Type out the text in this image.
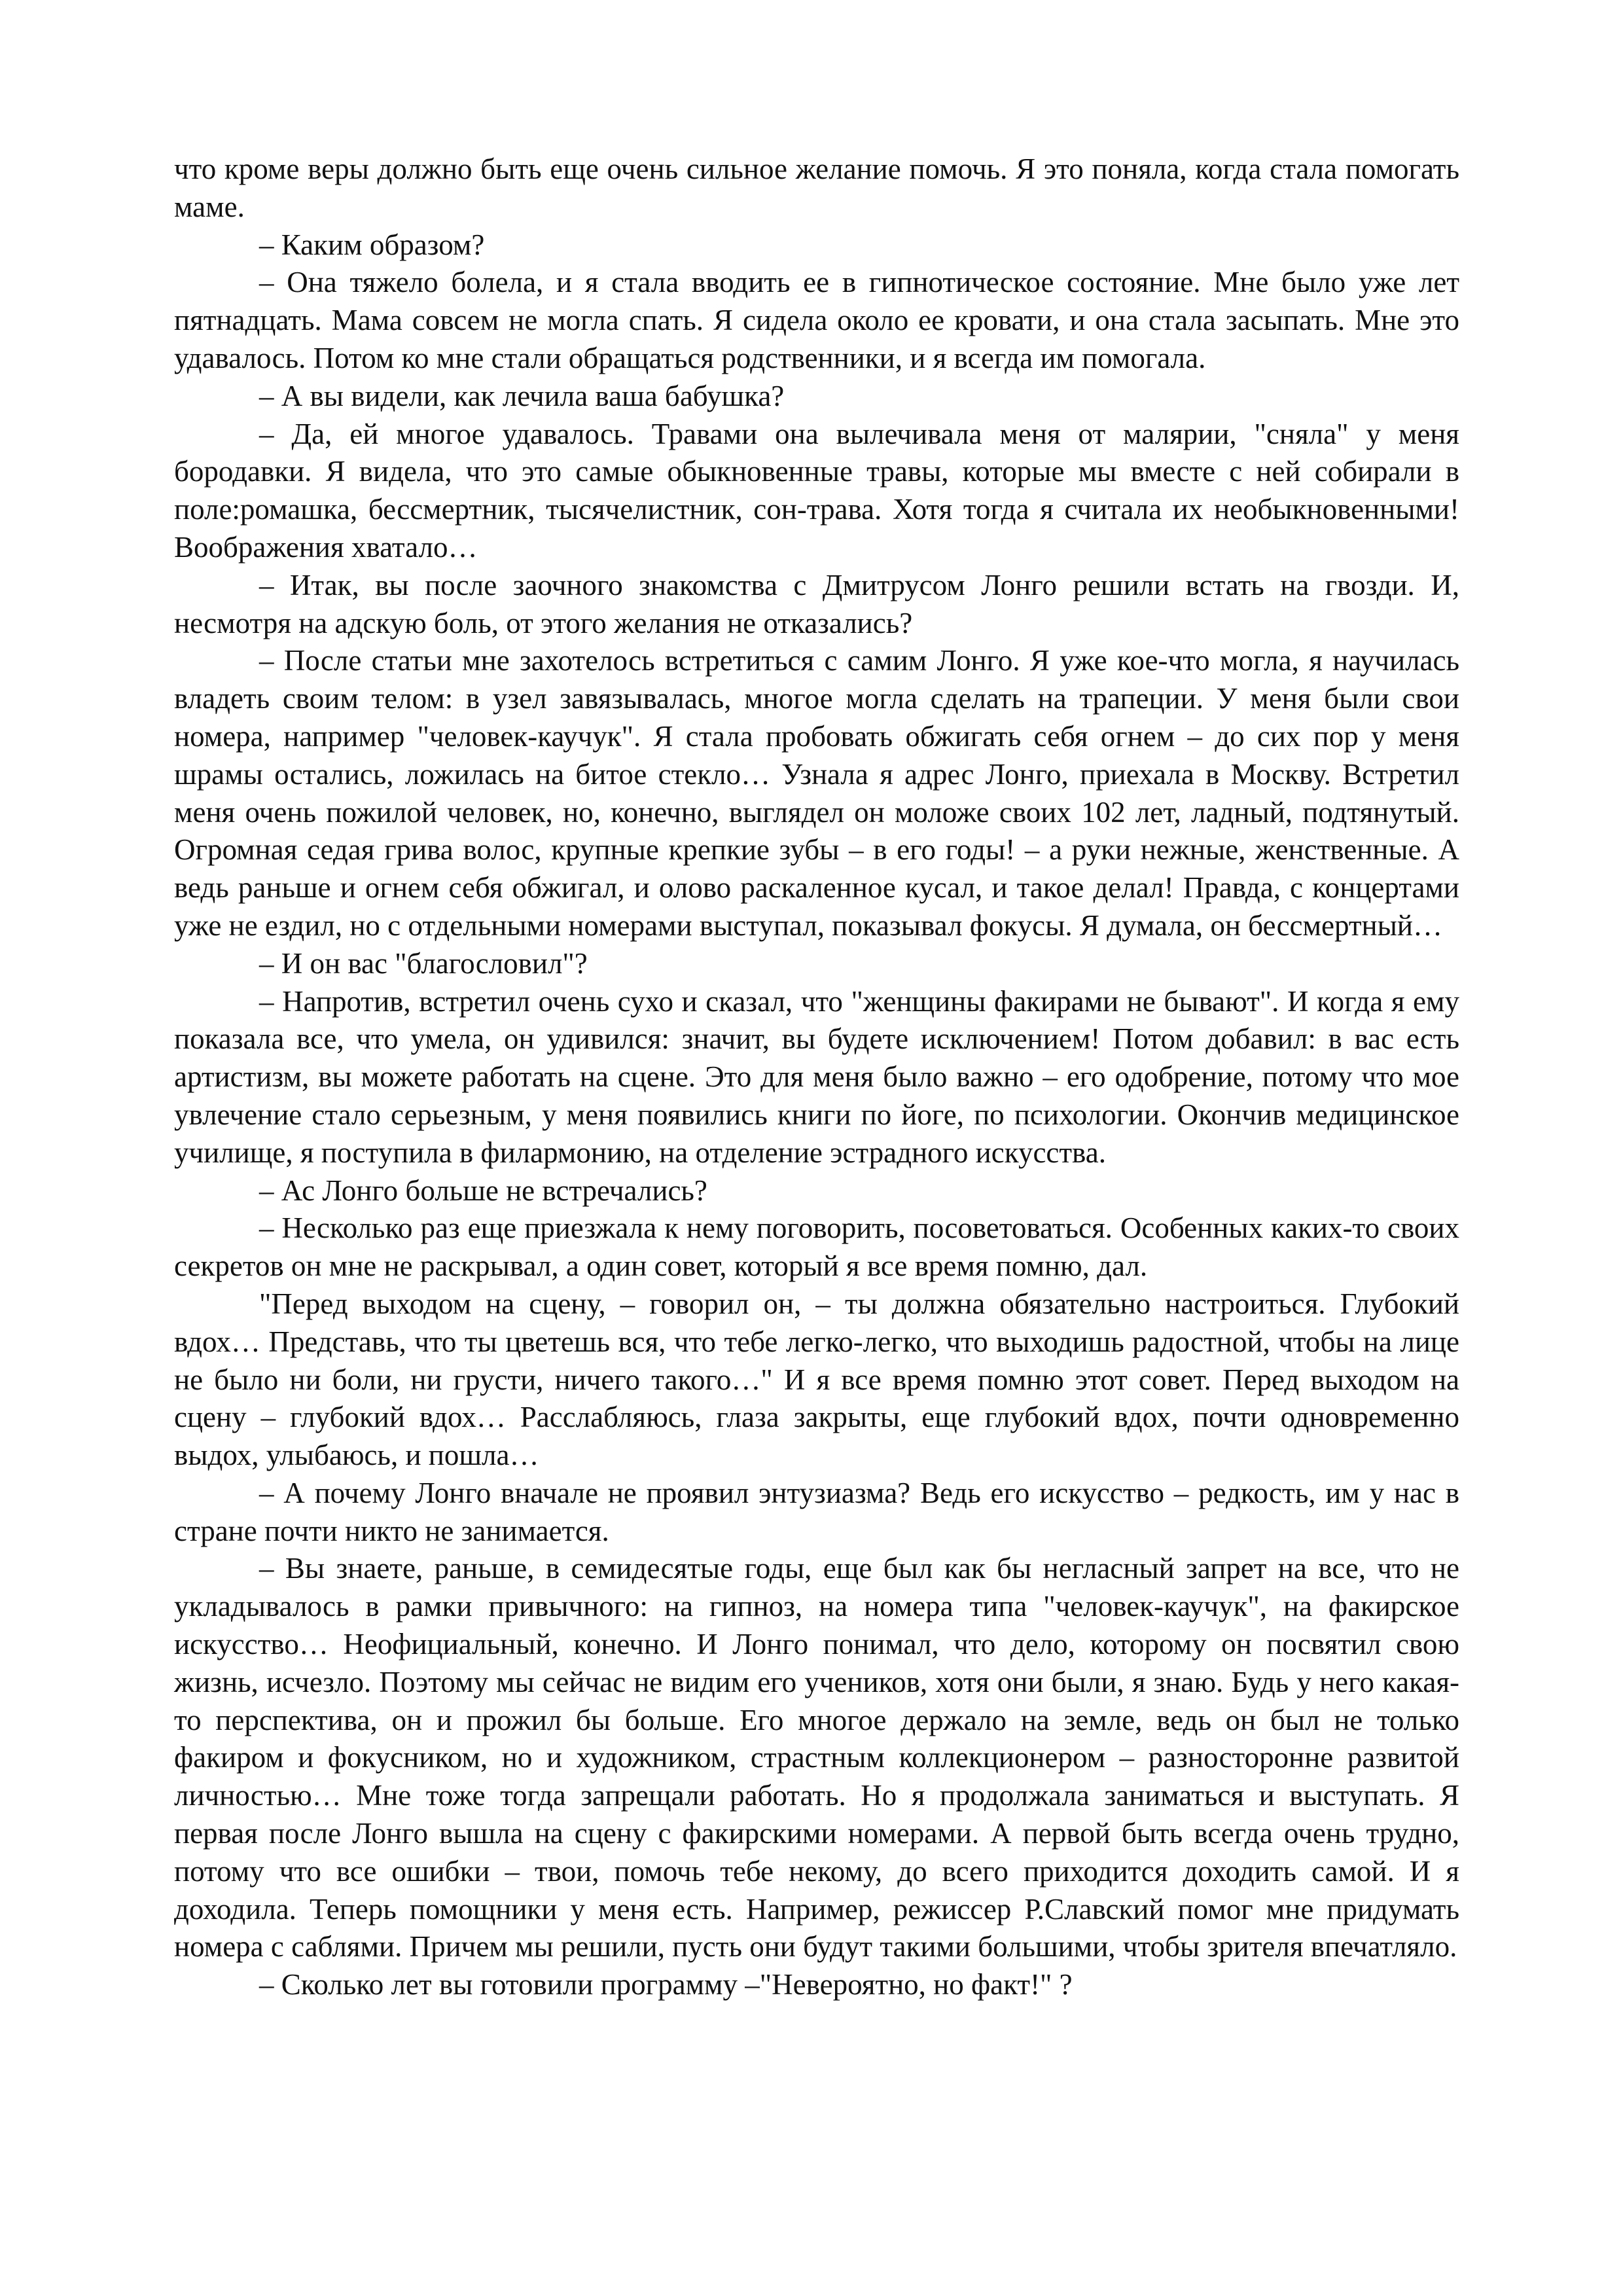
что кроме веры должно быть еще очень сильное желание помочь. Я это поняла, когда стала помогать маме.

– Каким образом?

– Она тяжело болела, и я стала вводить ее в гипнотическое состояние. Мне было уже лет пятнадцать. Мама совсем не могла спать. Я сидела около ее кровати, и она стала засыпать. Мне это удавалось. Потом ко мне стали обращаться родственники, и я всегда им помогала.

– А вы видели, как лечила ваша бабушка?

– Да, ей многое удавалось. Травами она вылечивала меня от малярии, "сняла" у меня бородавки. Я видела, что это самые обыкновенные травы, которые мы вместе с ней собирали в поле:ромашка, бессмертник, тысячелистник, сон-трава. Хотя тогда я считала их необыкновенными! Воображения хватало…

– Итак, вы после заочного знакомства с Дмитрусом Лонго решили встать на гвозди. И, несмотря на адскую боль, от этого желания не отказались?

– После статьи мне захотелось встретиться с самим Лонго. Я уже кое-что могла, я научилась владеть своим телом: в узел завязывалась, многое могла сделать на трапеции. У меня были свои номера, например "человек-каучук". Я стала пробовать обжигать себя огнем – до сих пор у меня шрамы остались, ложилась на битое стекло… Узнала я адрес Лонго, приехала в Москву. Встретил меня очень пожилой человек, но, конечно, выглядел он моложе своих 102 лет, ладный, подтянутый. Огромная седая грива волос, крупные крепкие зубы – в его годы! – а руки нежные, женственные. А ведь раньше и огнем себя обжигал, и олово раскаленное кусал, и такое делал! Правда, с концертами уже не ездил, но с отдельными номерами выступал, показывал фокусы. Я думала, он бессмертный…

– И он вас "благословил"?

– Напротив, встретил очень сухо и сказал, что "женщины факирами не бывают". И когда я ему показала все, что умела, он удивился: значит, вы будете исключением! Потом добавил: в вас есть артистизм, вы можете работать на сцене. Это для меня было важно – его одобрение, потому что мое увлечение стало серьезным, у меня появились книги по йоге, по психологии. Окончив медицинское училище, я поступила в филармонию, на отделение эстрадного искусства.

– Ас Лонго больше не встречались?

– Несколько раз еще приезжала к нему поговорить, посоветоваться. Особенных каких-то своих секретов он мне не раскрывал, а один совет, который я все время помню, дал.

"Перед выходом на сцену, – говорил он, – ты должна обязательно настроиться. Глубокий вдох… Представь, что ты цветешь вся, что тебе легко-легко, что выходишь радостной, чтобы на лице не было ни боли, ни грусти, ничего такого…" И я все время помню этот совет. Перед выходом на сцену – глубокий вдох… Расслабляюсь, глаза закрыты, еще глубокий вдох, почти одновременно выдох, улыбаюсь, и пошла…

– А почему Лонго вначале не проявил энтузиазма? Ведь его искусство – редкость, им у нас в стране почти никто не занимается.

– Вы знаете, раньше, в семидесятые годы, еще был как бы негласный запрет на все, что не укладывалось в рамки привычного: на гипноз, на номера типа "человек-каучук", на факирское искусство… Неофициальный, конечно. И Лонго понимал, что дело, которому он посвятил свою жизнь, исчезло. Поэтому мы сейчас не видим его учеников, хотя они были, я знаю. Будь у него какая-то перспектива, он и прожил бы больше. Его многое держало на земле, ведь он был не только факиром и фокусником, но и художником, страстным коллекционером – разносторонне развитой личностью… Мне тоже тогда запрещали работать. Но я продолжала заниматься и выступать. Я первая после Лонго вышла на сцену с факирскими номерами. А первой быть всегда очень трудно, потому что все ошибки – твои, помочь тебе некому, до всего приходится доходить самой. И я доходила. Теперь помощники у меня есть. Например, режиссер Р.Славский помог мне придумать номера с саблями. Причем мы решили, пусть они будут такими большими, чтобы зрителя впечатляло.

– Сколько лет вы готовили программу –"Невероятно, но факт!" ?
